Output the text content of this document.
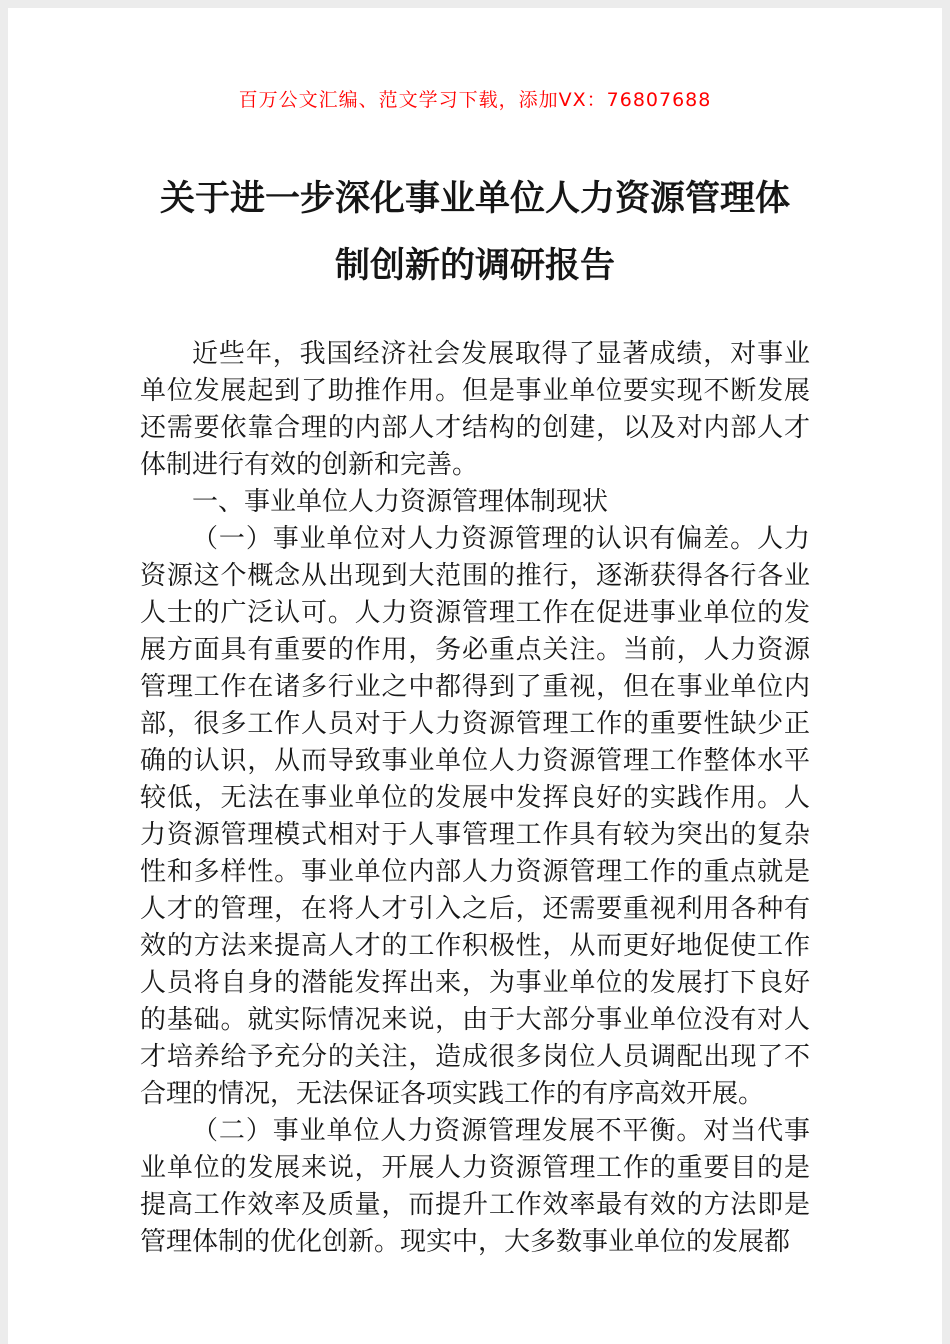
百万公文汇编、范文学习下载，添加VX：76807688
关于进一步深化事业单位人力资源管理体制创新的调研报告

近些年，我国经济社会发展取得了显著成绩，对事业单位发展起到了助推作用。但是事业单位要实现不断发展还需要依靠合理的内部人才结构的创建，以及对内部人才体制进行有效的创新和完善。

一、事业单位人力资源管理体制现状

（一）事业单位对人力资源管理的认识有偏差。人力资源这个概念从出现到大范围的推行，逐渐获得各行各业人士的广泛认可。人力资源管理工作在促进事业单位的发展方面具有重要的作用，务必重点关注。当前，人力资源管理工作在诸多行业之中都得到了重视，但在事业单位内部，很多工作人员对于人力资源管理工作的重要性缺少正确的认识，从而导致事业单位人力资源管理工作整体水平较低，无法在事业单位的发展中发挥良好的实践作用。人力资源管理模式相对于人事管理工作具有较为突出的复杂性和多样性。事业单位内部人力资源管理工作的重点就是人才的管理，在将人才引入之后，还需要重视利用各种有效的方法来提高人才的工作积极性，从而更好地促使工作人员将自身的潜能发挥出来，为事业单位的发展打下良好的基础。就实际情况来说，由于大部分事业单位没有对人才培养给予充分的关注，造成很多岗位人员调配出现了不合理的情况，无法保证各项实践工作的有序高效开展。

（二）事业单位人力资源管理发展不平衡。对当代事业单位的发展来说，开展人力资源管理工作的重要目的是提高工作效率及质量，而提升工作效率最有效的方法即是管理体制的优化创新。现实中，大多数事业单位的发展都
